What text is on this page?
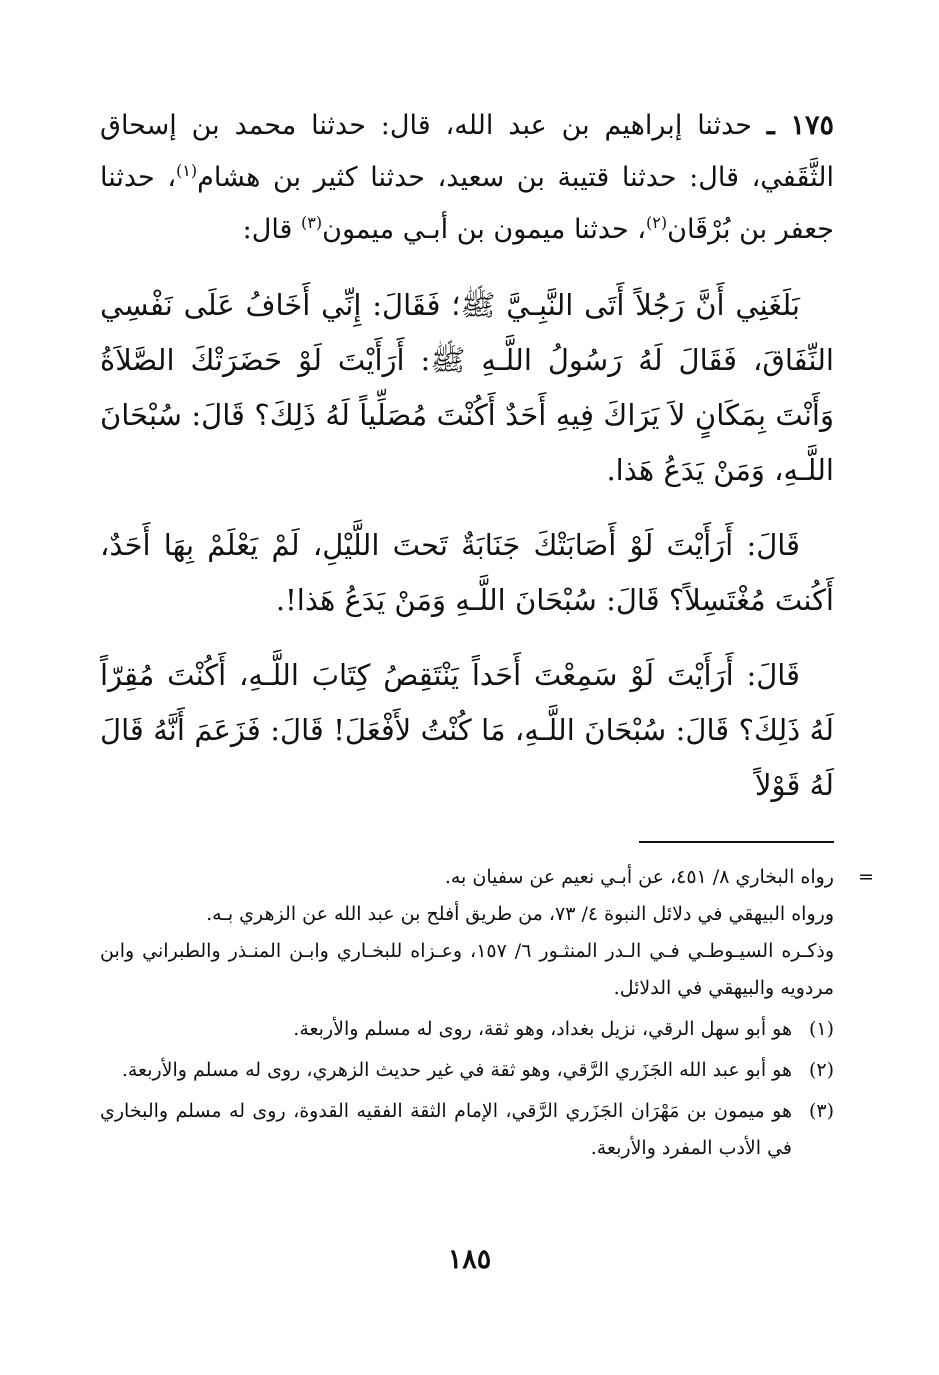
١٧٥ ـ حدثنا إبراهيم بن عبد الله، قال: حدثنا محمد بن إسحاق الثَّقَفي، قال: حدثنا قتيبة بن سعيد، حدثنا كثير بن هشام$^{(١)}$، حدثنا جعفر بن بُرْقَان$^{(٢)}$، حدثنا ميمون بن أبـي ميمون$^{(٣)}$ قال:

بَلَغَنِي أَنَّ رَجُلاً أَتَى النَّبِـيَّ ﷺ؛ فَقَالَ: إِنِّي أَخَافُ عَلَى نَفْسِي النِّفَاقَ، فَقَالَ لَهُ رَسُولُ اللَّـهِ ﷺ: أَرَأَيْتَ لَوْ حَضَرَتْكَ الصَّلاَةُ وَأَنْتَ بِمَكَانٍ لاَ يَرَاكَ فِيهِ أَحَدٌ أَكُنْتَ مُصَلِّياً لَهُ ذَلِكَ؟ قَالَ: سُبْحَانَ اللَّـهِ، وَمَنْ يَدَعُ هَذا.

قَالَ: أَرَأَيْتَ لَوْ أَصَابَتْكَ جَنَابَةٌ تَحتَ اللَّيْلِ، لَمْ يَعْلَمْ بِهَا أَحَدٌ، أَكُنتَ مُغْتَسِلاً؟ قَالَ: سُبْحَانَ اللَّـهِ وَمَنْ يَدَعُ هَذا!.

قَالَ: أَرَأَيْتَ لَوْ سَمِعْتَ أَحَداً يَنْتَقِصُ كِتَابَ اللَّـهِ، أَكُنْتَ مُقِرّاً لَهُ ذَلِكَ؟ قَالَ: سُبْحَانَ اللَّـهِ، مَا كُنْتُ لأَفْعَلَ! قَالَ: فَزَعَمَ أَنَّهُ قَالَ لَهُ قَوْلاً

=

رواه البخاري ٨/ ٤٥١، عن أبـي نعيم عن سفيان به.

ورواه البيهقي في دلائل النبوة ٤/ ٧٣، من طريق أفلح بن عبد الله عن الزهري بـه.

وذكـره السيـوطـي فـي الـدر المنثـور ٦/ ١٥٧، وعـزاه للبخـاري وابـن المنـذر والطبراني وابن مردويه والبيهقي في الدلائل.

(١)
هو أبو سهل الرقي، نزيل بغداد، وهو ثقة، روى له مسلم والأربعة.
(٢)
هو أبو عبد الله الجَزَري الرَّقي، وهو ثقة في غير حديث الزهري، روى له مسلم والأربعة.
(٣)
هو ميمون بن مَهْرَان الجَزَري الرَّقي، الإمام الثقة الفقيه القدوة، روى له مسلم والبخاري في الأدب المفرد والأربعة.
١٨٥
